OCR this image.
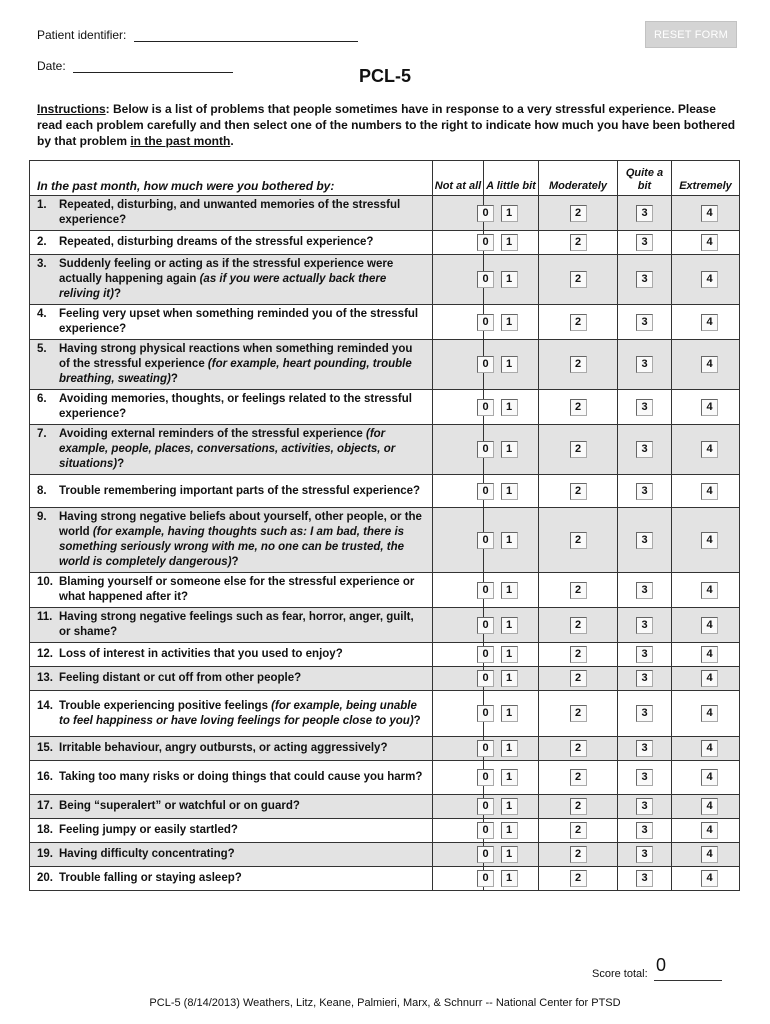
Patient identifier:
Date:
RESET FORM
PCL-5
Instructions: Below is a list of problems that people sometimes have in response to a very stressful experience. Please read each problem carefully and then select one of the numbers to the right to indicate how much you have been bothered by that problem in the past month.
In the past month, how much were you bothered by:	Not at all	A little bit	Moderately	Quite a bit	Extremely

1. Repeated, disturbing, and unwanted memories of the stressful experience?	0	1	2	3	4

2. Repeated, disturbing dreams of the stressful experience?	0	1	2	3	4

3. Suddenly feeling or acting as if the stressful experience were actually happening again (as if you were actually back there reliving it)?	0	1	2	3	4

4. Feeling very upset when something reminded you of the stressful experience?	0	1	2	3	4

5. Having strong physical reactions when something reminded you of the stressful experience (for example, heart pounding, trouble breathing, sweating)?	0	1	2	3	4

6. Avoiding memories, thoughts, or feelings related to the stressful experience?	0	1	2	3	4

7. Avoiding external reminders of the stressful experience (for example, people, places, conversations, activities, objects, or situations)?	0	1	2	3	4

8. Trouble remembering important parts of the stressful experience?	0	1	2	3	4

9. Having strong negative beliefs about yourself, other people, or the world (for example, having thoughts such as: I am bad, there is something seriously wrong with me, no one can be trusted, the world is completely dangerous)?	0	1	2	3	4

10. Blaming yourself or someone else for the stressful experience or what happened after it?	0	1	2	3	4

11. Having strong negative feelings such as fear, horror, anger, guilt, or shame?	0	1	2	3	4

12. Loss of interest in activities that you used to enjoy?	0	1	2	3	4

13. Feeling distant or cut off from other people?	0	1	2	3	4

14. Trouble experiencing positive feelings (for example, being unable to feel happiness or have loving feelings for people close to you)?	0	1	2	3	4

15. Irritable behaviour, angry outbursts, or acting aggressively?	0	1	2	3	4

16. Taking too many risks or doing things that could cause you harm?	0	1	2	3	4

17. Being “superalert” or watchful or on guard?	0	1	2	3	4

18. Feeling jumpy or easily startled?	0	1	2	3	4

19. Having difficulty concentrating?	0	1	2	3	4

20. Trouble falling or staying asleep?	0	1	2	3	4
Score total: 0
PCL-5 (8/14/2013) Weathers, Litz, Keane, Palmieri, Marx, & Schnurr -- National Center for PTSD
